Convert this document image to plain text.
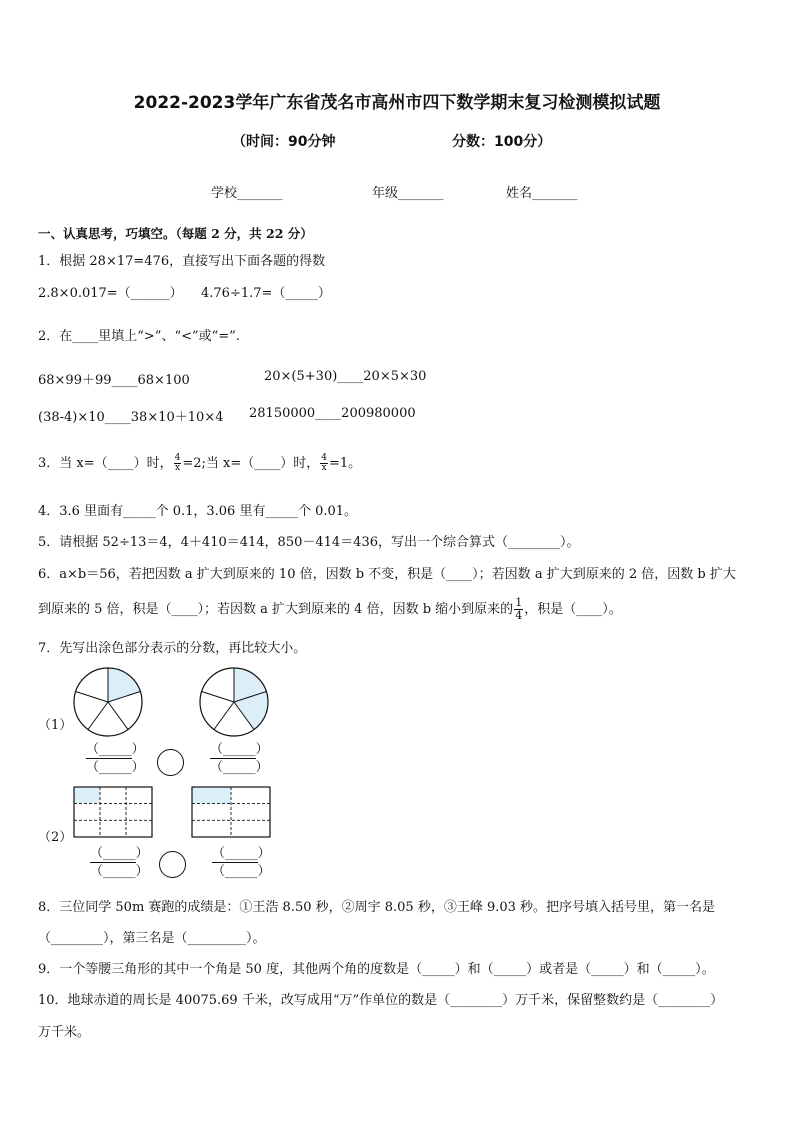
2022-2023学年广东省茂名市高州市四下数学期末复习检测模拟试题
（时间：90分钟	分数：100分）
学校_______	年级_______	姓名_______
一、认真思考，巧填空。（每题 2 分，共 22 分）
1．根据 28×17=476，直接写出下面各题的得数
2.8×0.017=（______） 4.76÷1.7=（_____）
2．在____里填上“>”、“<”或“=”.
68×99＋99____68×100	20×(5+30)____20×5×30
(38-4)×10____38×10＋10×4 28150000____200980000
3．当 x=（____）时， $\frac{4}{x} =2$;当 x=（____）时， $\frac{4}{x} =1$。
4．3.6 里面有_____个 0.1，3.06 里有_____个 0.01。
5．请根据 52÷13＝4，4＋410＝414，850－414＝436，写出一个综合算式（________）。
6．a×b＝56，若把因数 a 扩大到原来的 10 倍，因数 b 不变，积是（____）；若因数 a 扩大到原来的 2 倍，因数 b 扩大
到原来的 5 倍，积是（____）；若因数 a 扩大到原来的 4 倍，因数 b 缩小到原来的 $\frac{1}{4}$ ，积是（____）。
7．先写出涂色部分表示的分数，再比较大小。
（1）
（_____）
（_____）
（_____）
（_____）
（2）
（_____）
（_____）
（_____）
（_____）
8．三位同学 50m 赛跑的成绩是：①王浩 8.50 秒，②周宇 8.05 秒，③王峰 9.03 秒。把序号填入括号里，第一名是
（________），第三名是（_________）。
9．一个等腰三角形的其中一个角是 50 度，其他两个角的度数是（_____）和（_____）或者是（_____）和（_____）。
10．地球赤道的周长是 40075.69 千米，改写成用“万”作单位的数是（________）万千米，保留整数约是（________）
万千米。
